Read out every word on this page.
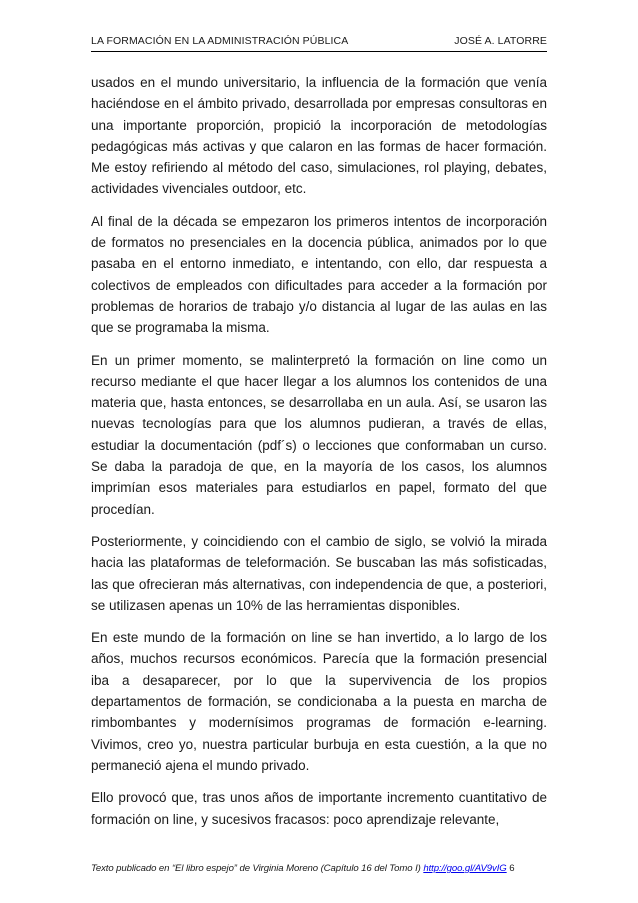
LA FORMACIÓN EN LA ADMINISTRACIÓN PÚBLICA	JOSÉ A. LATORRE

usados en el mundo universitario, la influencia de la formación que venía haciéndose en el ámbito privado, desarrollada por empresas consultoras en una importante proporción, propició la incorporación de metodologías pedagógicas más activas y que calaron en las formas de hacer formación. Me estoy refiriendo al método del caso, simulaciones, rol playing, debates, actividades vivenciales outdoor, etc.

Al final de la década se empezaron los primeros intentos de incorporación de formatos no presenciales en la docencia pública, animados por lo que pasaba en el entorno inmediato, e intentando, con ello, dar respuesta a colectivos de empleados con dificultades para acceder a la formación por problemas de horarios de trabajo y/o distancia al lugar de las aulas en las que se programaba la misma.

En un primer momento, se malinterpretó la formación on line como un recurso mediante el que hacer llegar a los alumnos los contenidos de una materia que, hasta entonces, se desarrollaba en un aula. Así, se usaron las nuevas tecnologías para que los alumnos pudieran, a través de ellas, estudiar la documentación (pdf´s) o lecciones que conformaban un curso. Se daba la paradoja de que, en la mayoría de los casos, los alumnos imprimían esos materiales para estudiarlos en papel, formato del que procedían.

Posteriormente, y coincidiendo con el cambio de siglo, se volvió la mirada hacia las plataformas de teleformación. Se buscaban las más sofisticadas, las que ofrecieran más alternativas, con independencia de que, a posteriori, se utilizasen apenas un 10% de las herramientas disponibles.

En este mundo de la formación on line se han invertido, a lo largo de los años, muchos recursos económicos. Parecía que la formación presencial iba a desaparecer, por lo que la supervivencia de los propios departamentos de formación, se condicionaba a la puesta en marcha de rimbombantes y modernísimos programas de formación e-learning. Vivimos, creo yo, nuestra particular burbuja en esta cuestión, a la que no permaneció ajena el mundo privado.

Ello provocó que, tras unos años de importante incremento cuantitativo de formación on line, y sucesivos fracasos: poco aprendizaje relevante,

Texto publicado en “El libro espejo” de Virginia Moreno (Capítulo 16 del Tomo I) http://goo.gl/AV9vIG 6
